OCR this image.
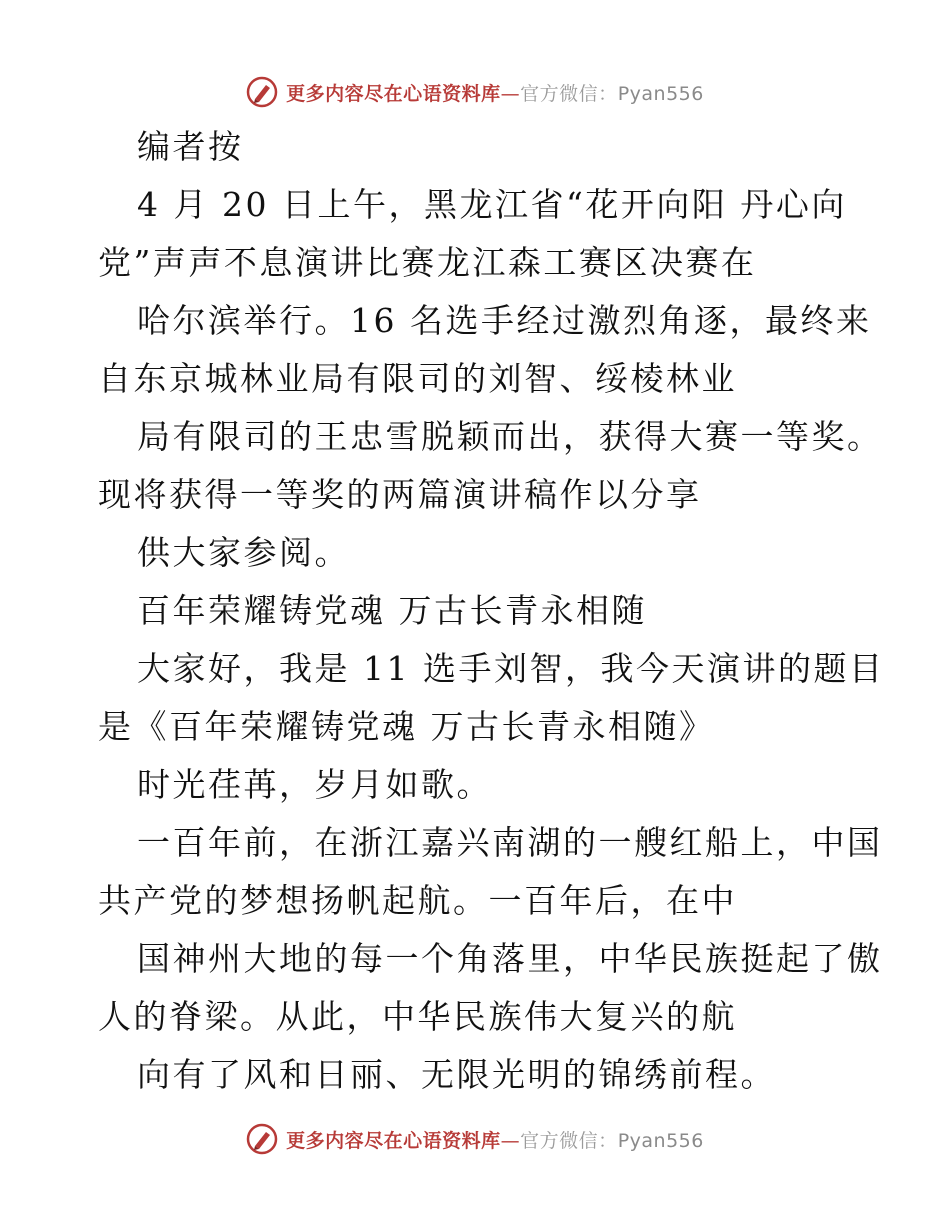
更多内容尽在心语资料库—官方微信：Pyan556
编者按
4 月 20 日上午，黑龙江省“花开向阳 丹心向
党”声声不息演讲比赛龙江森工赛区决赛在
哈尔滨举行。16 名选手经过激烈角逐，最终来
自东京城林业局有限司的刘智、绥棱林业
局有限司的王忠雪脱颖而出，获得大赛一等奖。
现将获得一等奖的两篇演讲稿作以分享
供大家参阅。
百年荣耀铸党魂 万古长青永相随
大家好，我是 11 选手刘智，我今天演讲的题目
是《百年荣耀铸党魂 万古长青永相随》
时光荏苒，岁月如歌。
一百年前，在浙江嘉兴南湖的一艘红船上，中国
共产党的梦想扬帆起航。一百年后，在中
国神州大地的每一个角落里，中华民族挺起了傲
人的脊梁。从此，中华民族伟大复兴的航
向有了风和日丽、无限光明的锦绣前程。
更多内容尽在心语资料库—官方微信：Pyan556
